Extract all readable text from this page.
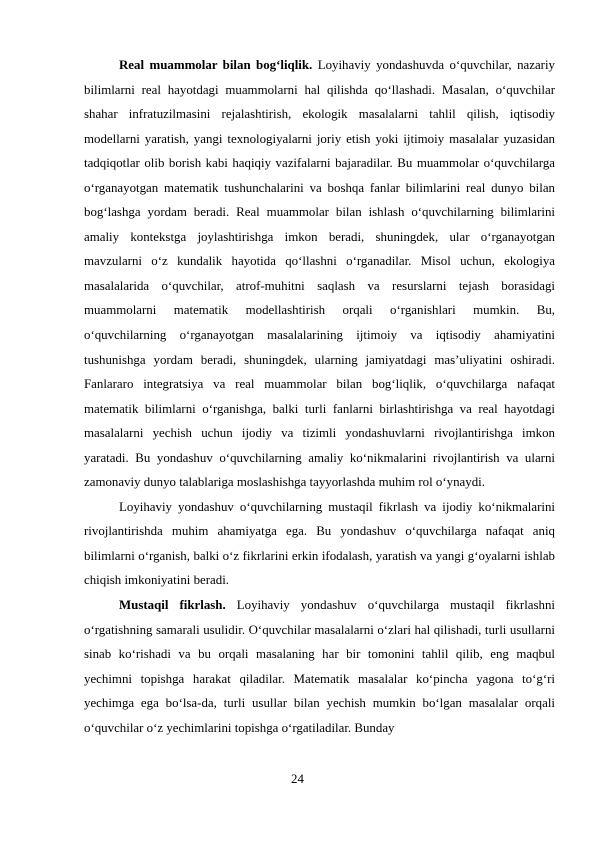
Real muammolar bilan bog‘liqlik. Loyihaviy yondashuvda o‘quvchilar, nazariy bilimlarni real hayotdagi muammolarni hal qilishda qo‘llashadi. Masalan, o‘quvchilar shahar infratuzilmasini rejalashtirish, ekologik masalalarni tahlil qilish, iqtisodiy modellarni yaratish, yangi texnologiyalarni joriy etish yoki ijtimoiy masalalar yuzasidan tadqiqotlar olib borish kabi haqiqiy vazifalarni bajaradilar. Bu muammolar o‘quvchilarga o‘rganayotgan matematik tushunchalarini va boshqa fanlar bilimlarini real dunyo bilan bog‘lashga yordam beradi. Real muammolar bilan ishlash o‘quvchilarning bilimlarini amaliy kontekstga joylashtirishga imkon beradi, shuningdek, ular o‘rganayotgan mavzularni o‘z kundalik hayotida qo‘llashni o‘rganadilar. Misol uchun, ekologiya masalalarida o‘quvchilar, atrof-muhitni saqlash va resurslarni tejash borasidagi muammolarni matematik modellashtirish orqali o‘rganishlari mumkin. Bu, o‘quvchilarning o‘rganayotgan masalalarining ijtimoiy va iqtisodiy ahamiyatini tushunishga yordam beradi, shuningdek, ularning jamiyatdagi mas’uliyatini oshiradi. Fanlararo integratsiya va real muammolar bilan bog‘liqlik, o‘quvchilarga nafaqat matematik bilimlarni o‘rganishga, balki turli fanlarni birlashtirishga va real hayotdagi masalalarni yechish uchun ijodiy va tizimli yondashuvlarni rivojlantirishga imkon yaratadi. Bu yondashuv o‘quvchilarning amaliy ko‘nikmalarini rivojlantirish va ularni zamonaviy dunyo talablariga moslashishga tayyorlashda muhim rol o‘ynaydi.

Loyihaviy yondashuv o‘quvchilarning mustaqil fikrlash va ijodiy ko‘nikmalarini rivojlantirishda muhim ahamiyatga ega. Bu yondashuv o‘quvchilarga nafaqat aniq bilimlarni o‘rganish, balki o‘z fikrlarini erkin ifodalash, yaratish va yangi g‘oyalarni ishlab chiqish imkoniyatini beradi.

Mustaqil fikrlash. Loyihaviy yondashuv o‘quvchilarga mustaqil fikrlashni o‘rgatishning samarali usulidir. O‘quvchilar masalalarni o‘zlari hal qilishadi, turli usullarni sinab ko‘rishadi va bu orqali masalaning har bir tomonini tahlil qilib, eng maqbul yechimni topishga harakat qiladilar. Matematik masalalar ko‘pincha yagona to‘g‘ri yechimga ega bo‘lsa-da, turli usullar bilan yechish mumkin bo‘lgan masalalar orqali o‘quvchilar o‘z yechimlarini topishga o‘rgatiladilar. Bunday

24
